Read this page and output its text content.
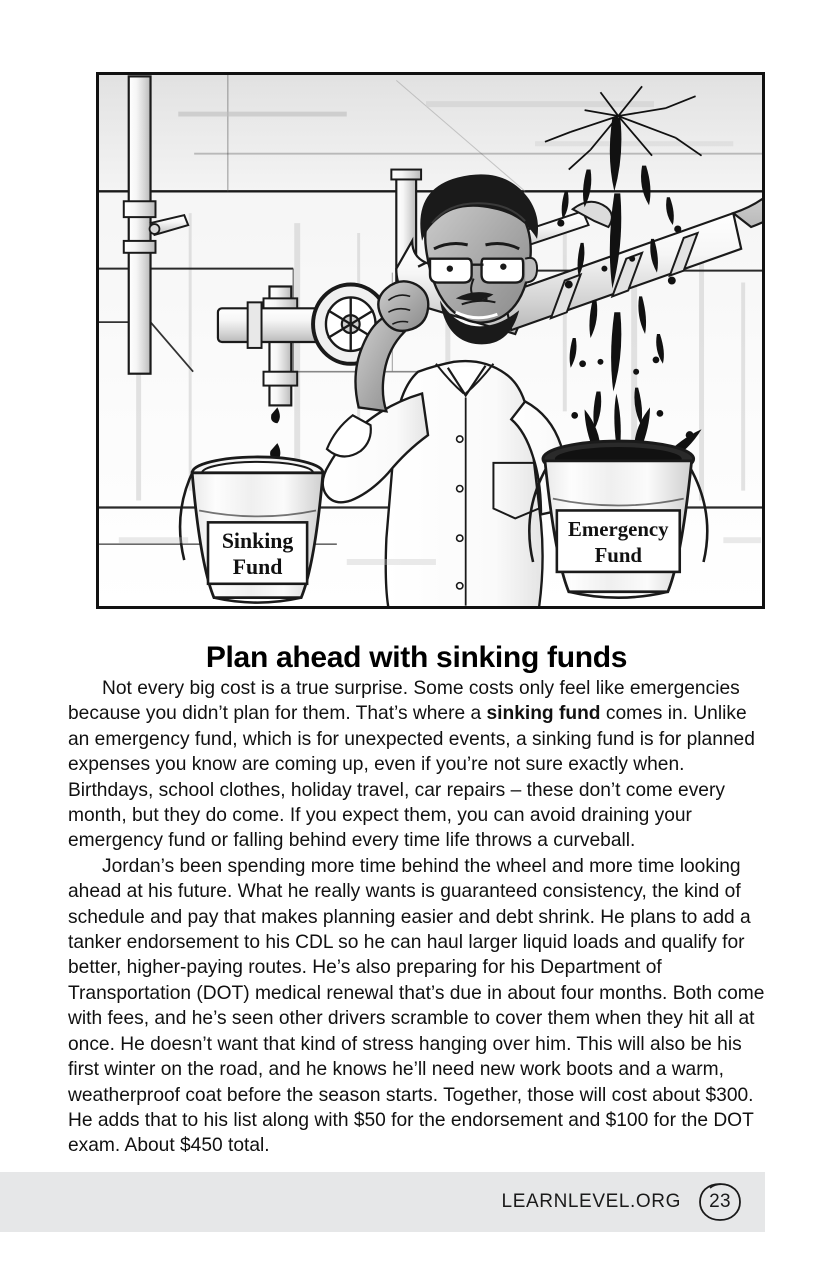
Sinking
Fund
Emergency
Fund
Plan ahead with sinking funds

Not every big cost is a true surprise. Some costs only feel like emergencies because you didn’t plan for them. That’s where a sinking fund comes in. Unlike an emergency fund, which is for unexpected events, a sinking fund is for planned expenses you know are coming up, even if you’re not sure exactly when. Birthdays, school clothes, holiday travel, car repairs – these don’t come every month, but they do come. If you expect them, you can avoid draining your emergency fund or falling behind every time life throws a curveball.

Jordan’s been spending more time behind the wheel and more time looking ahead at his future. What he really wants is guaranteed consistency, the kind of schedule and pay that makes planning easier and debt shrink. He plans to add a tanker endorsement to his CDL so he can haul larger liquid loads and qualify for better, higher-paying routes. He’s also preparing for his Department of Transportation (DOT) medical renewal that’s due in about four months. Both come with fees, and he’s seen other drivers scramble to cover them when they hit all at once. He doesn’t want that kind of stress hanging over him. This will also be his first winter on the road, and he knows he’ll need new work boots and a warm, weatherproof coat before the season starts. Together, those will cost about $300. He adds that to his list along with $50 for the endorsement and $100 for the DOT exam. About $450 total.

LEARNLEVEL.ORG 23
